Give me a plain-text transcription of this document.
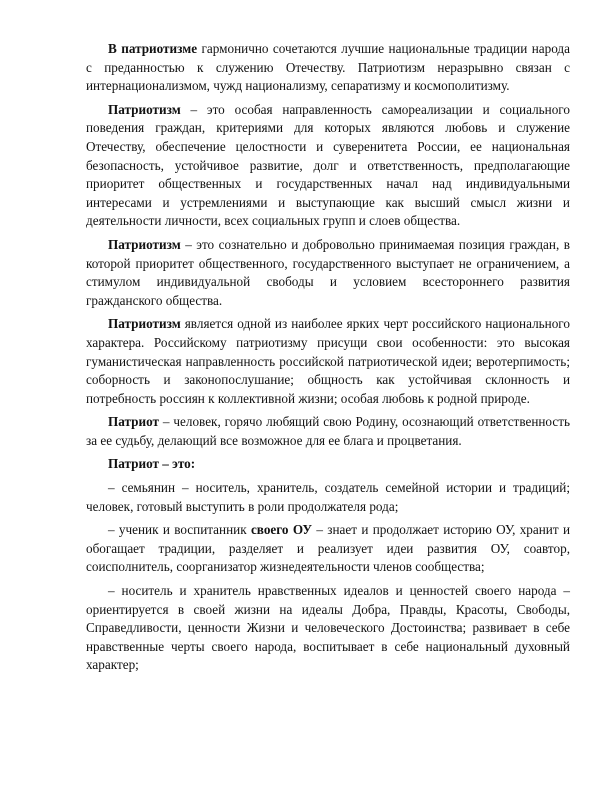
В патриотизме гармонично сочетаются лучшие национальные традиции народа с преданностью к служению Отечеству. Патриотизм неразрывно связан с интернационализмом, чужд национализму, сепаратизму и космополитизму.

Патриотизм – это особая направленность самореализации и социального поведения граждан, критериями для которых являются любовь и служение Отечеству, обеспечение целостности и суверенитета России, ее национальная безопасность, устойчивое развитие, долг и ответственность, предполагающие приоритет общественных и государственных начал над индивидуальными интересами и устремлениями и выступающие как высший смысл жизни и деятельности личности, всех социальных групп и слоев общества.

Патриотизм – это сознательно и добровольно принимаемая позиция граждан, в которой приоритет общественного, государственного выступает не ограничением, а стимулом индивидуальной свободы и условием всестороннего развития гражданского общества.

Патриотизм является одной из наиболее ярких черт российского национального характера. Российскому патриотизму присущи свои особенности: это высокая гуманистическая направленность российской патриотической идеи; веротерпимость; соборность и законопослушание; общность как устойчивая склонность и потребность россиян к коллективной жизни; особая любовь к родной природе.

Патриот – человек, горячо любящий свою Родину, осознающий ответственность за ее судьбу, делающий все возможное для ее блага и процветания.

Патриот – это:

– семьянин – носитель, хранитель, создатель семейной истории и традиций; человек, готовый выступить в роли продолжателя рода;

– ученик и воспитанник своего ОУ – знает и продолжает историю ОУ, хранит и обогащает традиции, разделяет и реализует идеи развития ОУ, соавтор, соисполнитель, соорганизатор жизнедеятельности членов сообщества;

– носитель и хранитель нравственных идеалов и ценностей своего народа – ориентируется в своей жизни на идеалы Добра, Правды, Красоты, Свободы, Справедливости, ценности Жизни и человеческого Достоинства; развивает в себе нравственные черты своего народа, воспитывает в себе национальный духовный характер;
